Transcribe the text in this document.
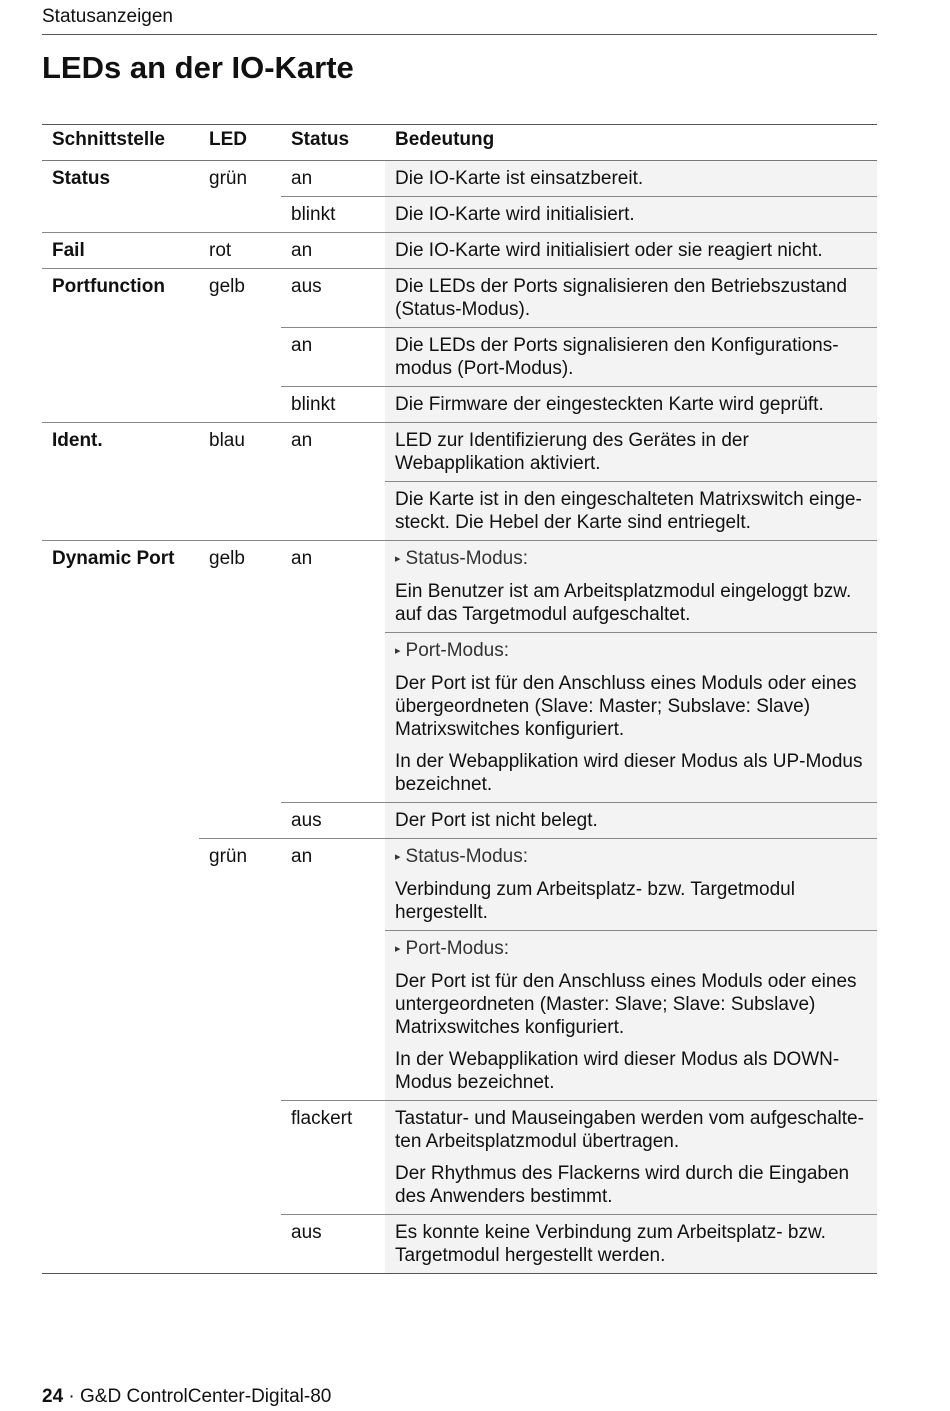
Statusanzeigen
LEDs an der IO-Karte
Schnittstelle	LED	Status	Bedeutung
Status	grün	an	Die IO-Karte ist einsatzbereit.

		blinkt	Die IO-Karte wird initialisiert.

Fail	rot	an	Die IO-Karte wird initialisiert oder sie reagiert nicht.

Portfunction	gelb	aus	Die LEDs der Ports signalisieren den Betriebszustand (Status-Modus).

		an	Die LEDs der Ports signalisieren den Konfigurations-modus (Port-Modus).

		blinkt	Die Firmware der eingesteckten Karte wird geprüft.

Ident.	blau	an	LED zur Identifizierung des Gerätes in der Webapplikation aktiviert.

			Die Karte ist in den eingeschalteten Matrixswitch einge-steckt. Die Hebel der Karte sind entriegelt.

Dynamic Port	gelb	an	▸ Status-Modus:

Ein Benutzer ist am Arbeitsplatzmodul eingeloggt bzw. auf das Targetmodul aufgeschaltet.

			▸ Port-Modus:

Der Port ist für den Anschluss eines Moduls oder eines übergeordneten (Slave: Master; Subslave: Slave) Matrixswitches konfiguriert.

In der Webapplikation wird dieser Modus als UP-Modus bezeichnet.

		aus	Der Port ist nicht belegt.

	grün	an	▸ Status-Modus:

Verbindung zum Arbeitsplatz- bzw. Targetmodul hergestellt.

			▸ Port-Modus:

Der Port ist für den Anschluss eines Moduls oder eines untergeordneten (Master: Slave; Slave: Subslave) Matrixswitches konfiguriert.

In der Webapplikation wird dieser Modus als DOWN-Modus bezeichnet.

		flackert	Tastatur- und Mauseingaben werden vom aufgeschalte-ten Arbeitsplatzmodul übertragen.

Der Rhythmus des Flackerns wird durch die Eingaben des Anwenders bestimmt.

		aus	Es konnte keine Verbindung zum Arbeitsplatz- bzw. Targetmodul hergestellt werden.

24 · G&D ControlCenter-Digital-80
